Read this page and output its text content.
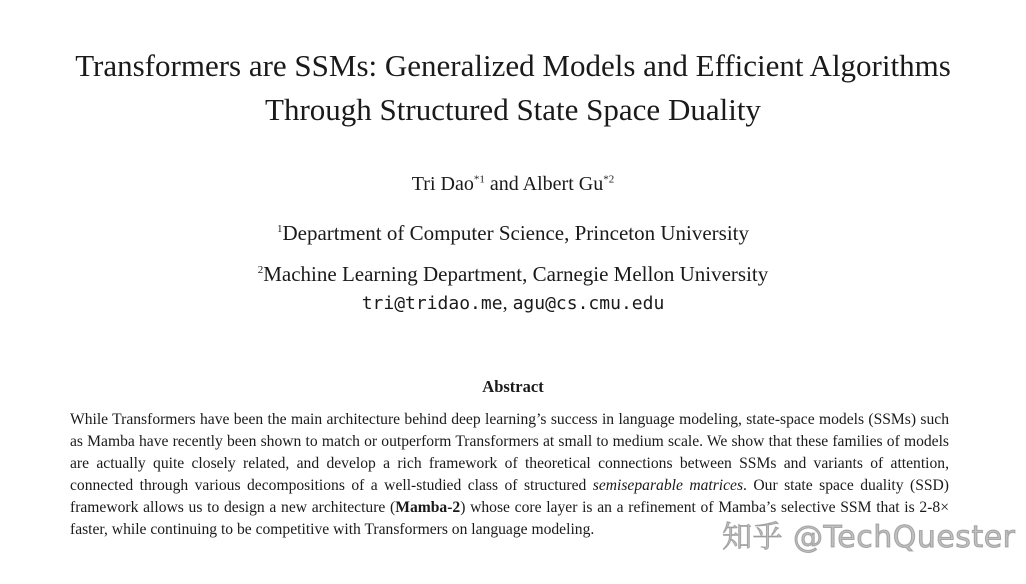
Transformers are SSMs: Generalized Models and Efficient Algorithms
Through Structured State Space Duality
Tri Dao$^{*1}$ and Albert Gu$^{*2}$
$^1$Department of Computer Science, Princeton University
$^2$Machine Learning Department, Carnegie Mellon University
tri@tridao.me, agu@cs.cmu.edu
Abstract

While Transformers have been the main architecture behind deep learning’s success in language modeling, state-space models (SSMs) such as Mamba have recently been shown to match or outperform Transformers at small to medium scale. We show that these families of models are actually quite closely related, and develop a rich framework of theoretical connections between SSMs and variants of attention, connected through various decompositions of a well-studied class of structured semiseparable matrices. Our state space duality (SSD) framework allows us to design a new architecture (Mamba-2) whose core layer is an a refinement of Mamba’s selective SSM that is 2-8× faster, while continuing to be competitive with Transformers on language modeling.	知乎 @TechQuester
